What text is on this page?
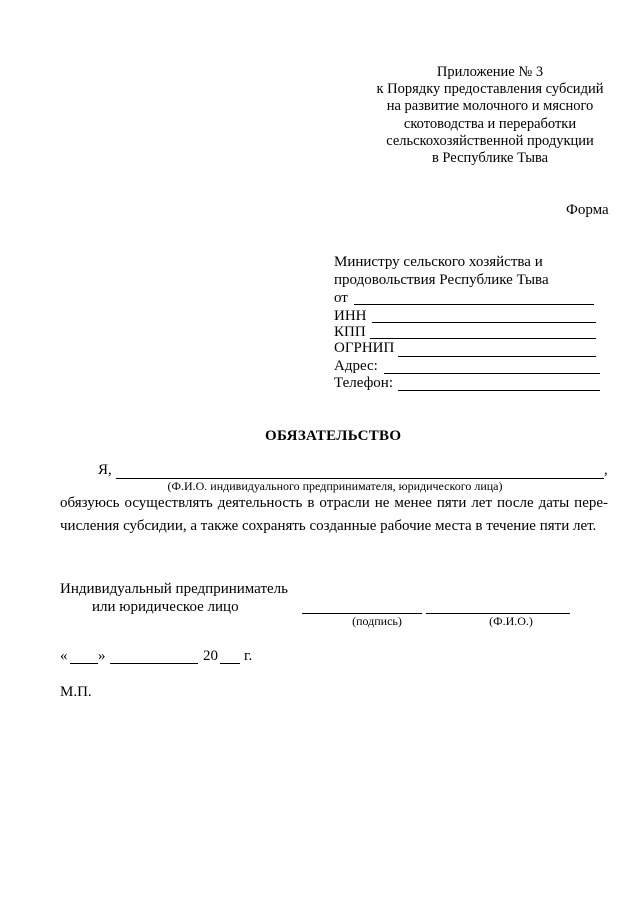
Приложение № 3
к Порядку предоставления субсидий
на развитие молочного и мясного
скотоводства и переработки
сельскохозяйственной продукции
в Республике Тыва
Форма
Министру сельского хозяйства и
продовольствия Республике Тыва
от
ИНН
КПП
ОГРНИП
Адрес:
Телефон:
ОБЯЗАТЕЛЬСТВО
Я,	,
(Ф.И.О. индивидуального предпринимателя, юридического лица)
обязуюсь осуществлять деятельность в отрасли не менее пяти лет после даты пере-
числения субсидии, а также сохранять созданные рабочие места в течение пяти лет.
Индивидуальный предприниматель
или юридическое лицо
(подпись)	(Ф.И.О.)
« »	20 г.
М.П.
